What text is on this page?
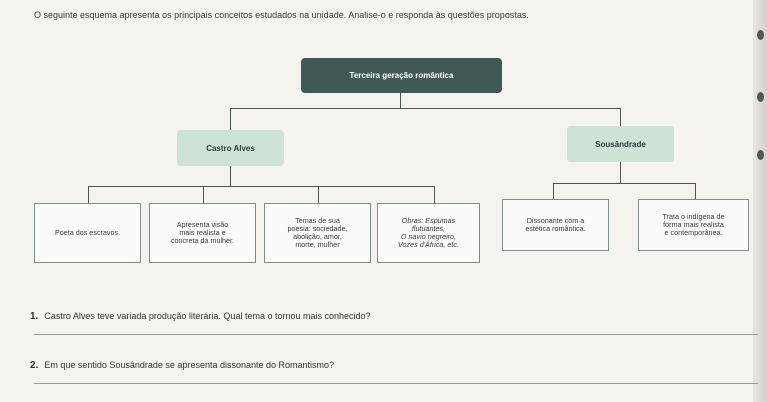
O seguinte esquema apresenta os principais conceitos estudados na unidade. Analise-o e responda às questões propostas.
Terceira geração romântica
Castro Alves	Sousândrade
Poeta dos escravos.
Apresenta visão
mais realista e
concreta da mulher.
Temas de sua
poesia: sociedade,
abolição, amor,
morte, mulher
Obras: Espumas
flutuantes,
O navio negreiro,
Vozes d'África, etc.
Dissonante com a
estética romântica.
Trata o indígena de
forma mais realista
e contemporânea.
1. Castro Alves teve variada produção literária. Qual tema o tornou mais conhecido?
2. Em que sentido Sousândrade se apresenta dissonante do Romantismo?
